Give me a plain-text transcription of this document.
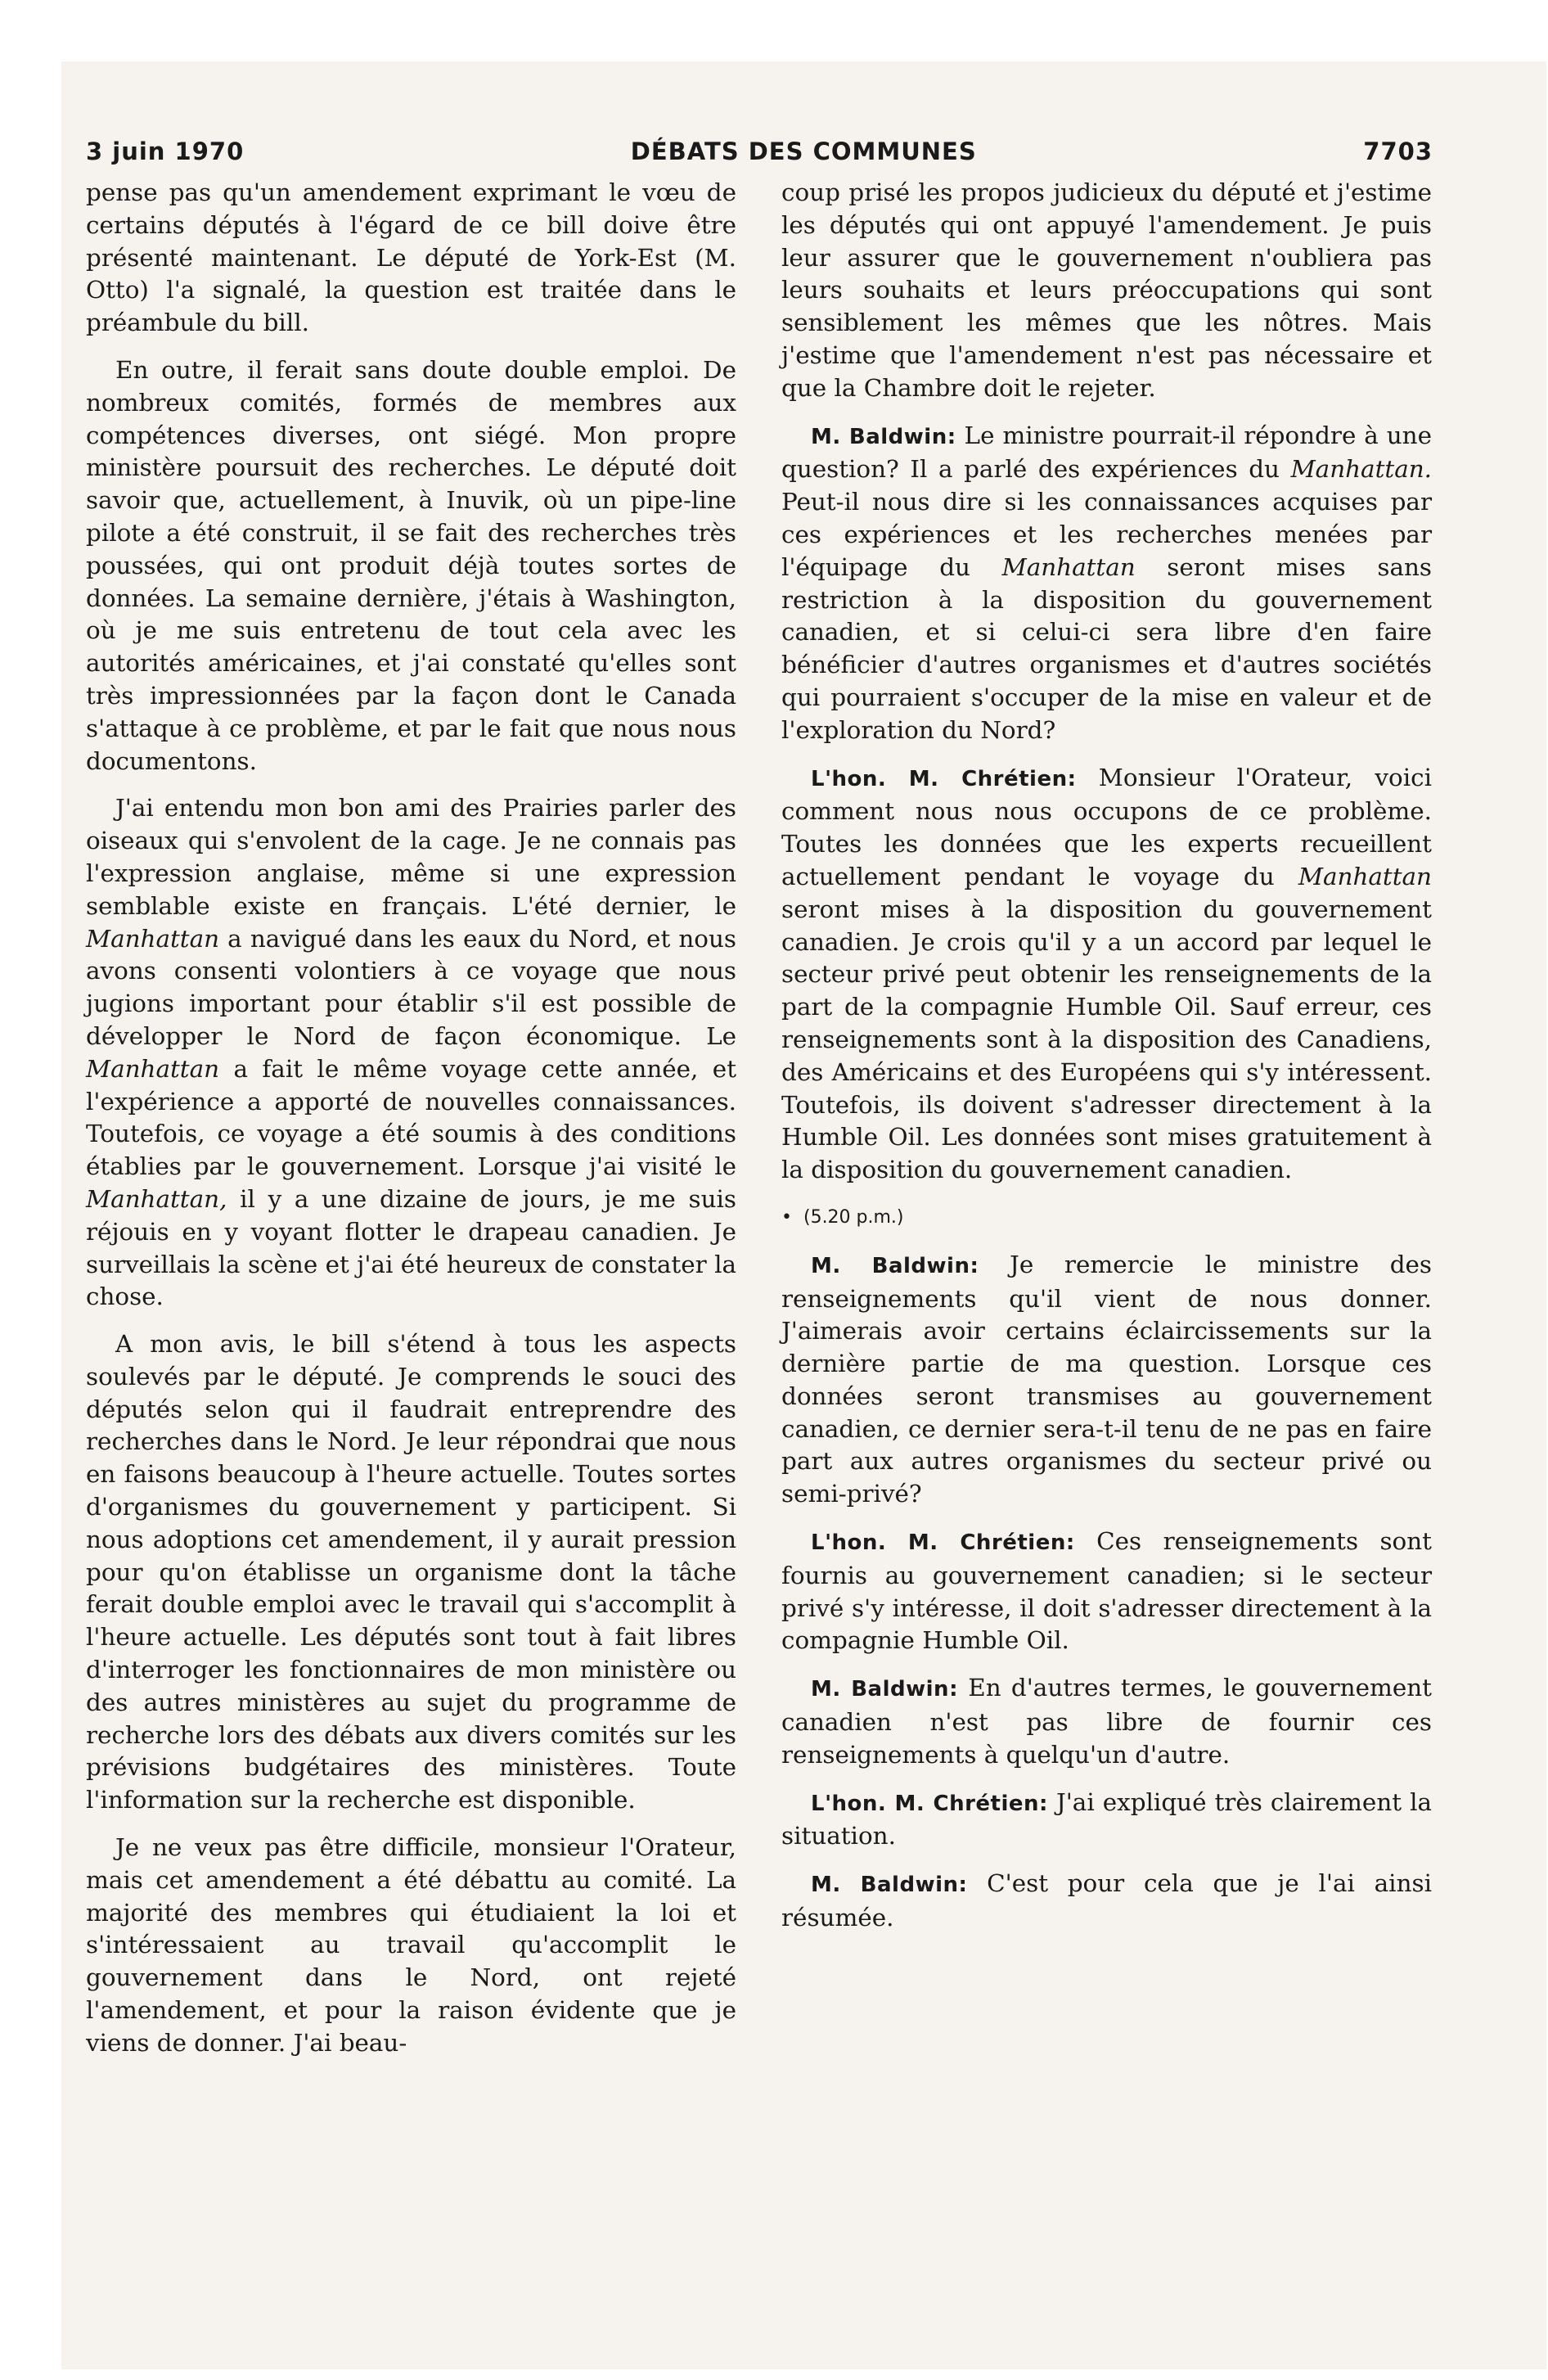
3 juin 1970	DÉBATS DES COMMUNES	7703

pense pas qu'un amendement exprimant le vœu de certains députés à l'égard de ce bill doive être présenté maintenant. Le député de York-Est (M. Otto) l'a signalé, la question est traitée dans le préambule du bill.

En outre, il ferait sans doute double emploi. De nombreux comités, formés de membres aux compétences diverses, ont siégé. Mon propre ministère poursuit des recherches. Le député doit savoir que, actuellement, à Inuvik, où un pipe-line pilote a été construit, il se fait des recherches très poussées, qui ont produit déjà toutes sortes de données. La semaine dernière, j'étais à Washington, où je me suis entretenu de tout cela avec les autorités américaines, et j'ai constaté qu'elles sont très impressionnées par la façon dont le Canada s'attaque à ce problème, et par le fait que nous nous documentons.

J'ai entendu mon bon ami des Prairies parler des oiseaux qui s'envolent de la cage. Je ne connais pas l'expression anglaise, même si une expression semblable existe en français. L'été dernier, le Manhattan a navigué dans les eaux du Nord, et nous avons consenti volontiers à ce voyage que nous jugions important pour établir s'il est possible de développer le Nord de façon économique. Le Manhattan a fait le même voyage cette année, et l'expérience a apporté de nouvelles connaissances. Toutefois, ce voyage a été soumis à des conditions établies par le gouvernement. Lorsque j'ai visité le Manhattan, il y a une dizaine de jours, je me suis réjouis en y voyant flotter le drapeau canadien. Je surveillais la scène et j'ai été heureux de constater la chose.

A mon avis, le bill s'étend à tous les aspects soulevés par le député. Je comprends le souci des députés selon qui il faudrait entreprendre des recherches dans le Nord. Je leur répondrai que nous en faisons beaucoup à l'heure actuelle. Toutes sortes d'organismes du gouvernement y participent. Si nous adoptions cet amendement, il y aurait pression pour qu'on établisse un organisme dont la tâche ferait double emploi avec le travail qui s'accomplit à l'heure actuelle. Les députés sont tout à fait libres d'interroger les fonctionnaires de mon ministère ou des autres ministères au sujet du programme de recherche lors des débats aux divers comités sur les prévisions budgétaires des ministères. Toute l'information sur la recherche est disponible.

Je ne veux pas être difficile, monsieur l'Orateur, mais cet amendement a été débattu au comité. La majorité des membres qui étudiaient la loi et s'intéressaient au travail qu'accomplit le gouvernement dans le Nord, ont rejeté l'amendement, et pour la raison évidente que je viens de donner. J'ai beau-

coup prisé les propos judicieux du député et j'estime les députés qui ont appuyé l'amendement. Je puis leur assurer que le gouvernement n'oubliera pas leurs souhaits et leurs préoccupations qui sont sensiblement les mêmes que les nôtres. Mais j'estime que l'amendement n'est pas nécessaire et que la Chambre doit le rejeter.

M. Baldwin: Le ministre pourrait-il répondre à une question? Il a parlé des expériences du Manhattan. Peut-il nous dire si les connaissances acquises par ces expériences et les recherches menées par l'équipage du Manhattan seront mises sans restriction à la disposition du gouvernement canadien, et si celui-ci sera libre d'en faire bénéficier d'autres organismes et d'autres sociétés qui pourraient s'occuper de la mise en valeur et de l'exploration du Nord?

L'hon. M. Chrétien: Monsieur l'Orateur, voici comment nous nous occupons de ce problème. Toutes les données que les experts recueillent actuellement pendant le voyage du Manhattan seront mises à la disposition du gouvernement canadien. Je crois qu'il y a un accord par lequel le secteur privé peut obtenir les renseignements de la part de la compagnie Humble Oil. Sauf erreur, ces renseignements sont à la disposition des Canadiens, des Américains et des Européens qui s'y intéressent. Toutefois, ils doivent s'adresser directement à la Humble Oil. Les données sont mises gratuitement à la disposition du gouvernement canadien.

• (5.20 p.m.)

M. Baldwin: Je remercie le ministre des renseignements qu'il vient de nous donner. J'aimerais avoir certains éclaircissements sur la dernière partie de ma question. Lorsque ces données seront transmises au gouvernement canadien, ce dernier sera-t-il tenu de ne pas en faire part aux autres organismes du secteur privé ou semi-privé?

L'hon. M. Chrétien: Ces renseignements sont fournis au gouvernement canadien; si le secteur privé s'y intéresse, il doit s'adresser directement à la compagnie Humble Oil.

M. Baldwin: En d'autres termes, le gouvernement canadien n'est pas libre de fournir ces renseignements à quelqu'un d'autre.

L'hon. M. Chrétien: J'ai expliqué très clairement la situation.

M. Baldwin: C'est pour cela que je l'ai ainsi résumée.
